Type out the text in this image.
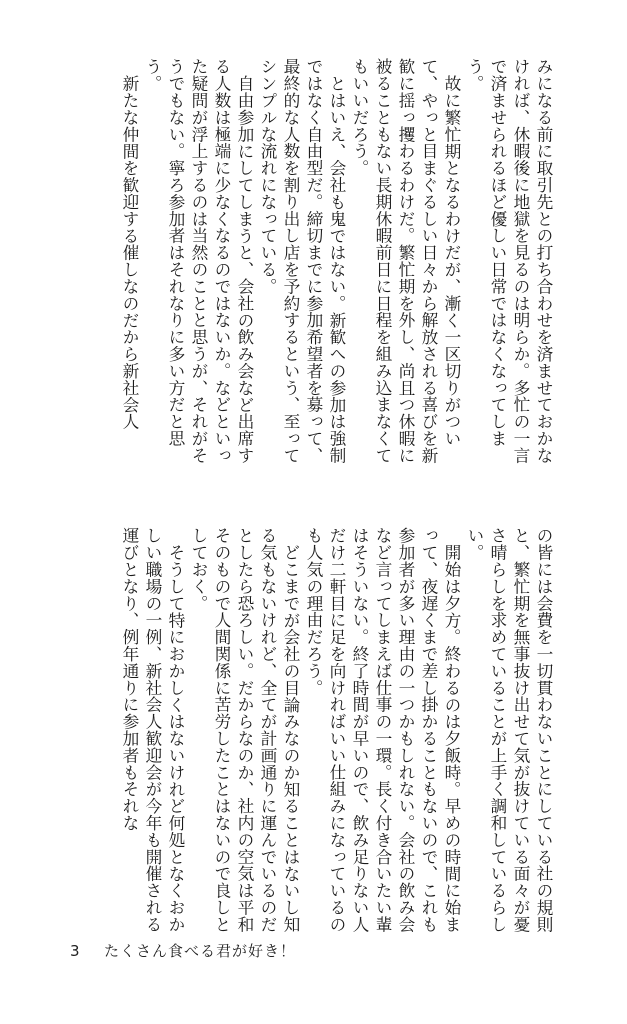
みになる前に取引先との打ち合わせを済ませておかなければ、休暇後に地獄を見るのは明らか。多忙の一言で済ませられるほど優しい日常ではなくなってしまう。

故に繁忙期となるわけだが、漸く一区切りがついて、やっと目まぐるしい日々から解放される喜びを新歓に揺っ攫わるわけだ。繁忙期を外し、尚且つ休暇に被ることもない長期休暇前日に日程を組み込まなくてもいいだろう。

とはいえ、会社も鬼ではない。新歓への参加は強制ではなく自由型だ。締切までに参加希望者を募って、最終的な人数を割り出し店を予約するという、至ってシンプルな流れになっている。

自由参加にしてしまうと、会社の飲み会など出席する人数は極端に少なくなるのではないか。などといった疑問が浮上するのは当然のことと思うが、それがそうでもない。寧ろ参加者はそれなりに多い方だと思う。

新たな仲間を歓迎する催しなのだから新社会人

の皆には会費を一切貫わないことにしている社の規則と、繁忙期を無事抜け出せて気が抜けている面々が憂さ晴らしを求めていることが上手く調和しているらしい。

開始は夕方。終わるのは夕飯時。早めの時間に始まって、夜遅くまで差し掛かることもないので、これも参加者が多い理由の一つかもしれない。会社の飲み会など言ってしまえば仕事の一環。長く付き合いたい輩はそういない。終了時間が早いので、飲み足りない人だけ二軒目に足を向ければいい仕組みになっているのも人気の理由だろう。

どこまでが会社の目論みなのか知ることはないし知る気もないけれど、全てが計画通りに運んでいるのだとしたら恐ろしい。だからなのか、社内の空気は平和そのもので人間関係に苦労したことはないので良しとしておく。

そうして特におかしくはないけれど何処となくおかしい職場の一例、新社会人歓迎会が今年も開催される運びとなり、例年通りに参加者もそれな

3 たくさん食べる君が好き！
